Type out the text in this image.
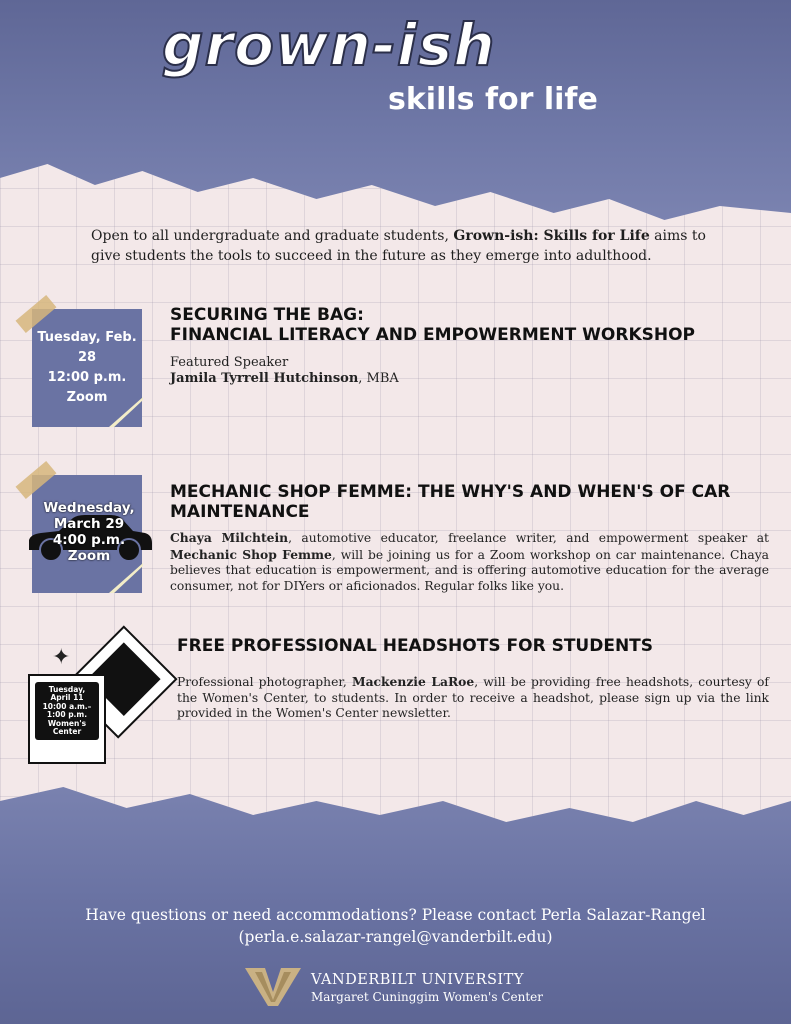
grown-ish
skills for life

Open to all undergraduate and graduate students, Grown-ish: Skills for Life aims to give students the tools to succeed in the future as they emerge into adulthood.

Tuesday, Feb. 28
12:00 p.m.
Zoom
SECURING THE BAG:
FINANCIAL LITERACY AND EMPOWERMENT WORKSHOP
Featured Speaker
Jamila Tyrrell Hutchinson, MBA
Wednesday,
March 29
4:00 p.m.
Zoom
MECHANIC SHOP FEMME: THE WHY'S AND WHEN'S OF CAR MAINTENANCE
Chaya Milchtein, automotive educator, freelance writer, and empowerment speaker at Mechanic Shop Femme, will be joining us for a Zoom workshop on car maintenance. Chaya believes that education is empowerment, and is offering automotive education for the average consumer, not for DIYers or aficionados. Regular folks like you.
✦
Tuesday,
April 11
10:00 a.m.–
1:00 p.m.
Women's
Center
FREE PROFESSIONAL HEADSHOTS FOR STUDENTS
Professional photographer, Mackenzie LaRoe, will be providing free headshots, courtesy of the Women's Center, to students. In order to receive a headshot, please sign up via the link provided in the Women's Center newsletter.
Have questions or need accommodations? Please contact Perla Salazar-Rangel
(perla.e.salazar-rangel@vanderbilt.edu)
VANDERBILT UNIVERSITY
Margaret Cuninggim Women's Center
